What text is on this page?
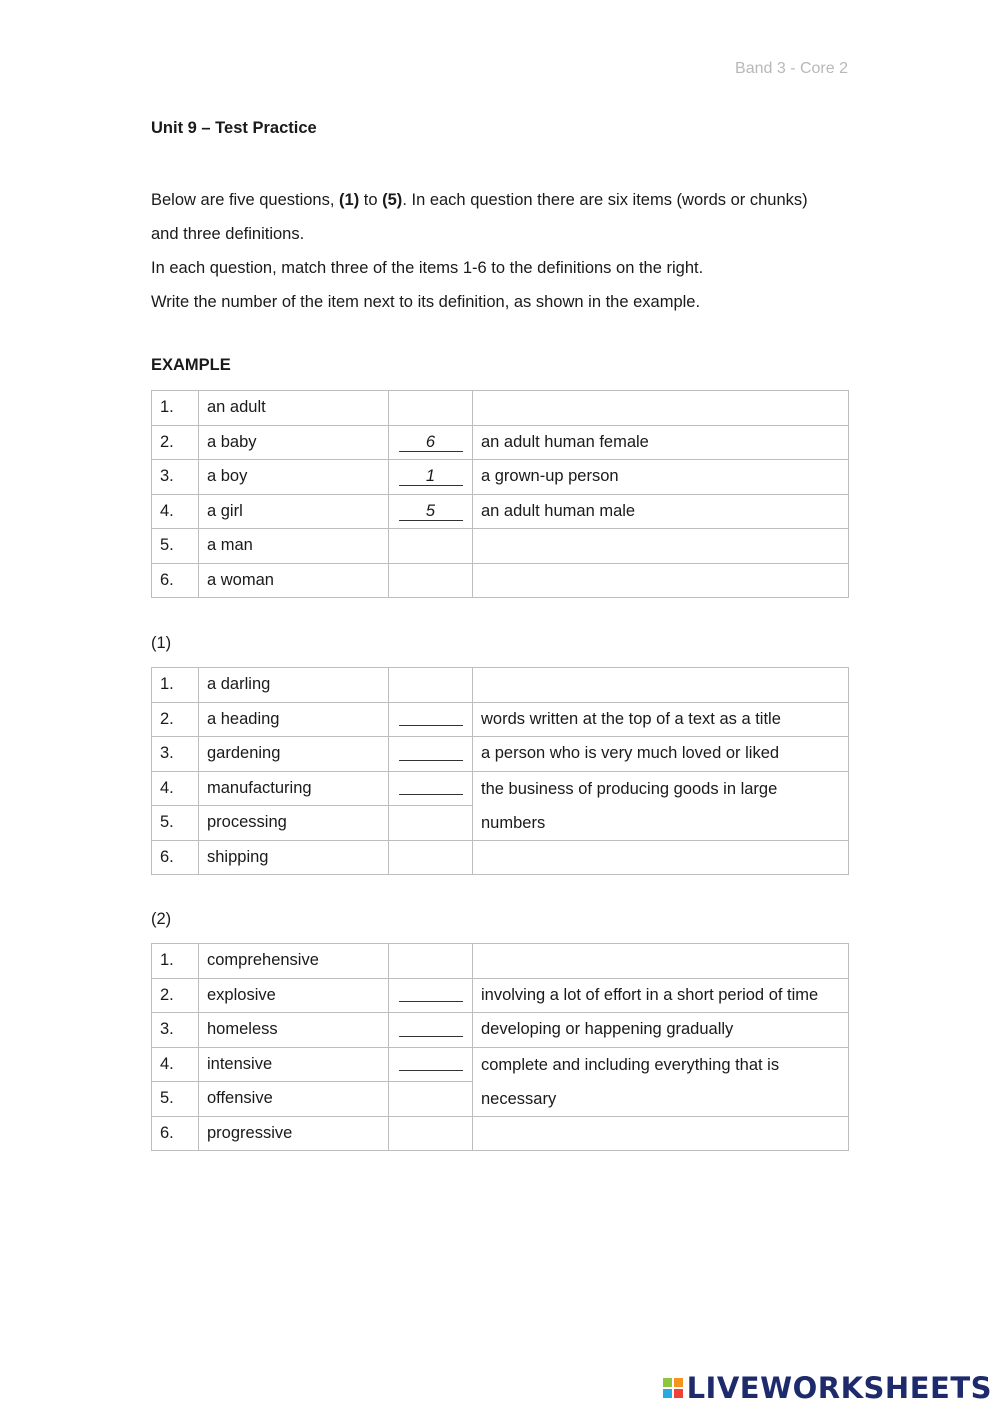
Band 3 - Core 2
Unit 9 – Test Practice

Below are five questions, (1) to (5). In each question there are six items (words or chunks)

and three definitions.

In each question, match three of the items 1-6 to the definitions on the right.

Write the number of the item next to its definition, as shown in the example.

EXAMPLE
1.	an adult		
2.	a baby	6	an adult human female
3.	a boy	1	a grown-up person
4.	a girl	5	an adult human male
5.	a man		
6.	a woman		
(1)
1.	a darling		
2.	a heading		words written at the top of a text as a title
3.	gardening		a person who is very much loved or liked
4.	manufacturing		the business of producing goods in large numbers
5.	processing		
6.	shipping		
(2)
1.	comprehensive		
2.	explosive		involving a lot of effort in a short period of time
3.	homeless		developing or happening gradually
4.	intensive		complete and including everything that is necessary
5.	offensive		
6.	progressive		
LIVEWORKSHEETS
